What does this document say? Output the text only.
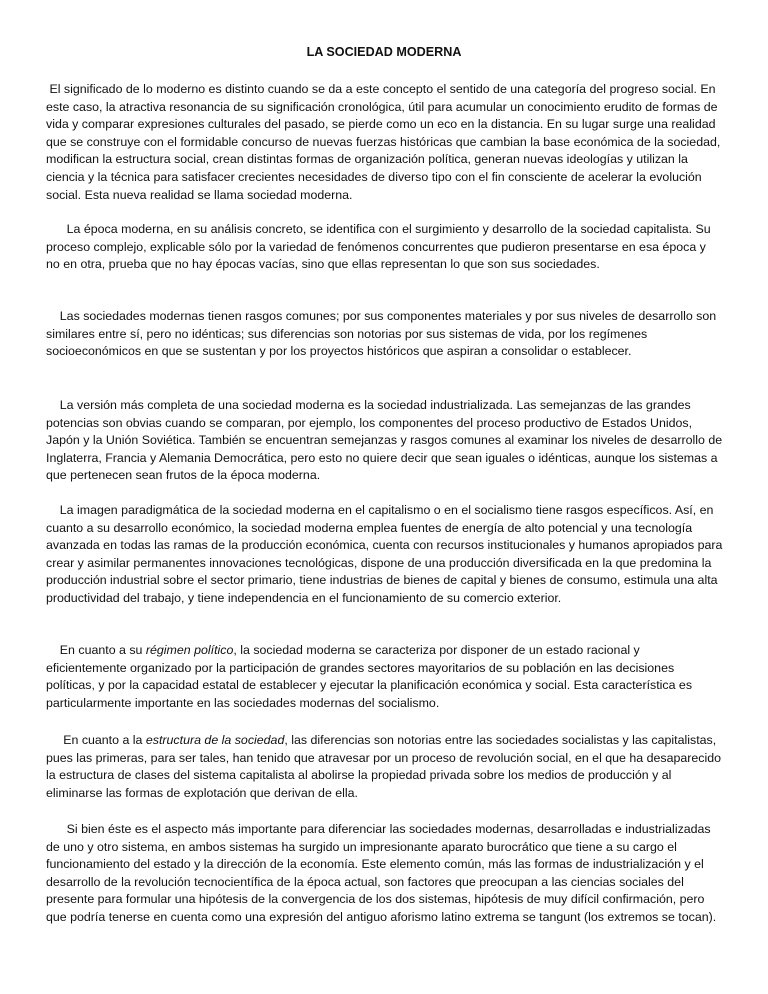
LA SOCIEDAD MODERNA

El significado de lo moderno es distinto cuando se da a este concepto el sentido de una categoría del progreso social. En este caso, la atractiva resonancia de su significación cronológica, útil para acumular un conocimiento erudito de formas de vida y comparar expresiones culturales del pasado, se pierde como un eco en la distancia. En su lugar surge una realidad que se construye con el formidable concurso de nuevas fuerzas históricas que cambian la base económica de la sociedad, modifican la estructura social, crean distintas formas de organización política, generan nuevas ideologías y utilizan la ciencia y la técnica para satisfacer crecientes necesidades de diverso tipo con el fin consciente de acelerar la evolución social. Esta nueva realidad se llama sociedad moderna.

La época moderna, en su análisis concreto, se identifica con el surgimiento y desarrollo de la sociedad capitalista. Su proceso complejo, explicable sólo por la variedad de fenómenos concurrentes que pudieron presentarse en esa época y no en otra, prueba que no hay épocas vacías, sino que ellas representan lo que son sus sociedades.

Las sociedades modernas tienen rasgos comunes; por sus componentes materiales y por sus niveles de desarrollo son similares entre sí, pero no idénticas; sus diferencias son notorias por sus sistemas de vida, por los regímenes socioeconómicos en que se sustentan y por los proyectos históricos que aspiran a consolidar o establecer.

La versión más completa de una sociedad moderna es la sociedad industrializada. Las semejanzas de las grandes potencias son obvias cuando se comparan, por ejemplo, los componentes del proceso productivo de Estados Unidos, Japón y la Unión Soviética. También se encuentran semejanzas y rasgos comunes al examinar los niveles de desarrollo de Inglaterra, Francia y Alemania Democrática, pero esto no quiere decir que sean iguales o idénticas, aunque los sistemas a que pertenecen sean frutos de la época moderna.

La imagen paradigmática de la sociedad moderna en el capitalismo o en el socialismo tiene rasgos específicos. Así, en cuanto a su desarrollo económico, la sociedad moderna emplea fuentes de energía de alto potencial y una tecnología avanzada en todas las ramas de la producción económica, cuenta con recursos institucionales y humanos apropiados para crear y asimilar permanentes innovaciones tecnológicas, dispone de una producción diversificada en la que predomina la producción industrial sobre el sector primario, tiene industrias de bienes de capital y bienes de consumo, estimula una alta productividad del trabajo, y tiene independencia en el funcionamiento de su comercio exterior.

En cuanto a su régimen político, la sociedad moderna se caracteriza por disponer de un estado racional y eficientemente organizado por la participación de grandes sectores mayoritarios de su población en las decisiones políticas, y por la capacidad estatal de establecer y ejecutar la planificación económica y social. Esta característica es particularmente importante en las sociedades modernas del socialismo.

En cuanto a la estructura de la sociedad, las diferencias son notorias entre las sociedades socialistas y las capitalistas, pues las primeras, para ser tales, han tenido que atravesar por un proceso de revolución social, en el que ha desaparecido la estructura de clases del sistema capitalista al abolirse la propiedad privada sobre los medios de producción y al eliminarse las formas de explotación que derivan de ella.

Si bien éste es el aspecto más importante para diferenciar las sociedades modernas, desarrolladas e industrializadas de uno y otro sistema, en ambos sistemas ha surgido un impresionante aparato burocrático que tiene a su cargo el funcionamiento del estado y la dirección de la economía. Este elemento común, más las formas de industrialización y el desarrollo de la revolución tecnocientífica de la época actual, son factores que preocupan a las ciencias sociales del presente para formular una hipótesis de la convergencia de los dos sistemas, hipótesis de muy difícil confirmación, pero que podría tenerse en cuenta como una expresión del antiguo aforismo latino extrema se tangunt (los extremos se tocan).
